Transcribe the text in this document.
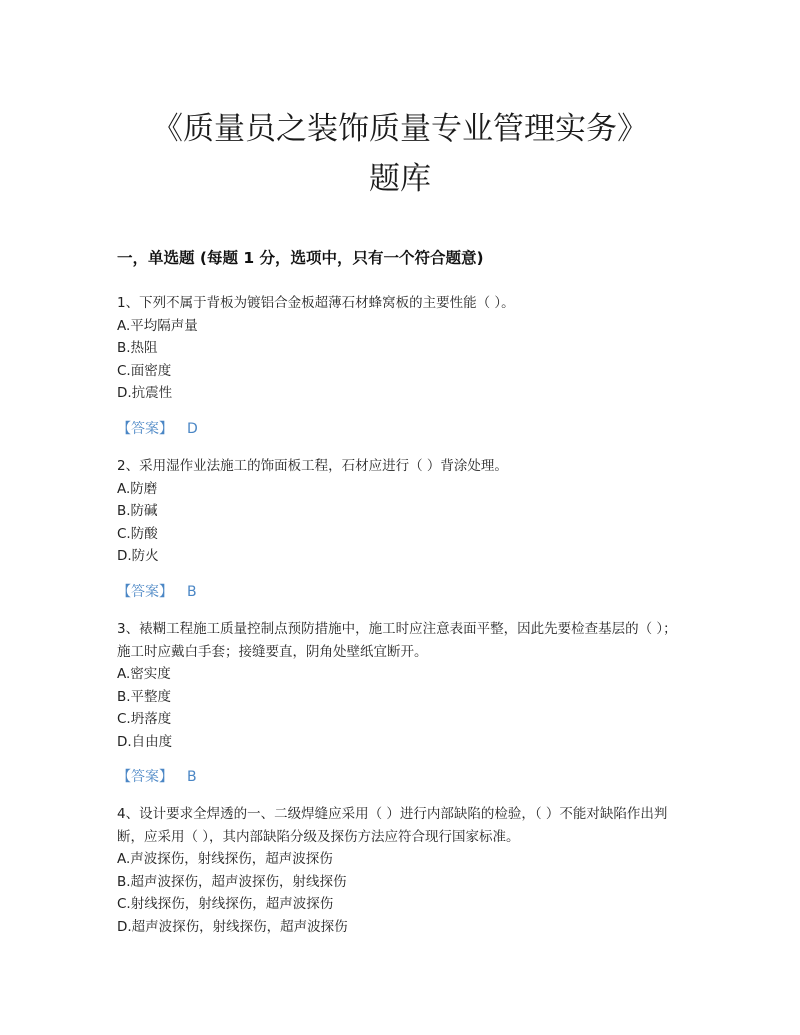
《质量员之装饰质量专业管理实务》
题库
一，单选题 (每题 1 分，选项中，只有一个符合题意)
1、下列不属于背板为镀铝合金板超薄石材蜂窝板的主要性能（ ）。
A.平均隔声量
B.热阻
C.面密度
D.抗震性
【答案】 D
2、采用湿作业法施工的饰面板工程，石材应进行（ ）背涂处理。
A.防磨
B.防碱
C.防酸
D.防火
【答案】 B
3、裱糊工程施工质量控制点预防措施中，施工时应注意表面平整，因此先要检查基层的（ ）；施工时应戴白手套；接缝要直，阴角处壁纸宜断开。
A.密实度
B.平整度
C.坍落度
D.自由度
【答案】 B
4、设计要求全焊透的一、二级焊缝应采用（ ）进行内部缺陷的检验，（ ）不能对缺陷作出判断，应采用（ ），其内部缺陷分级及探伤方法应符合现行国家标准。
A.声波探伤，射线探伤，超声波探伤
B.超声波探伤，超声波探伤，射线探伤
C.射线探伤，射线探伤，超声波探伤
D.超声波探伤，射线探伤，超声波探伤
